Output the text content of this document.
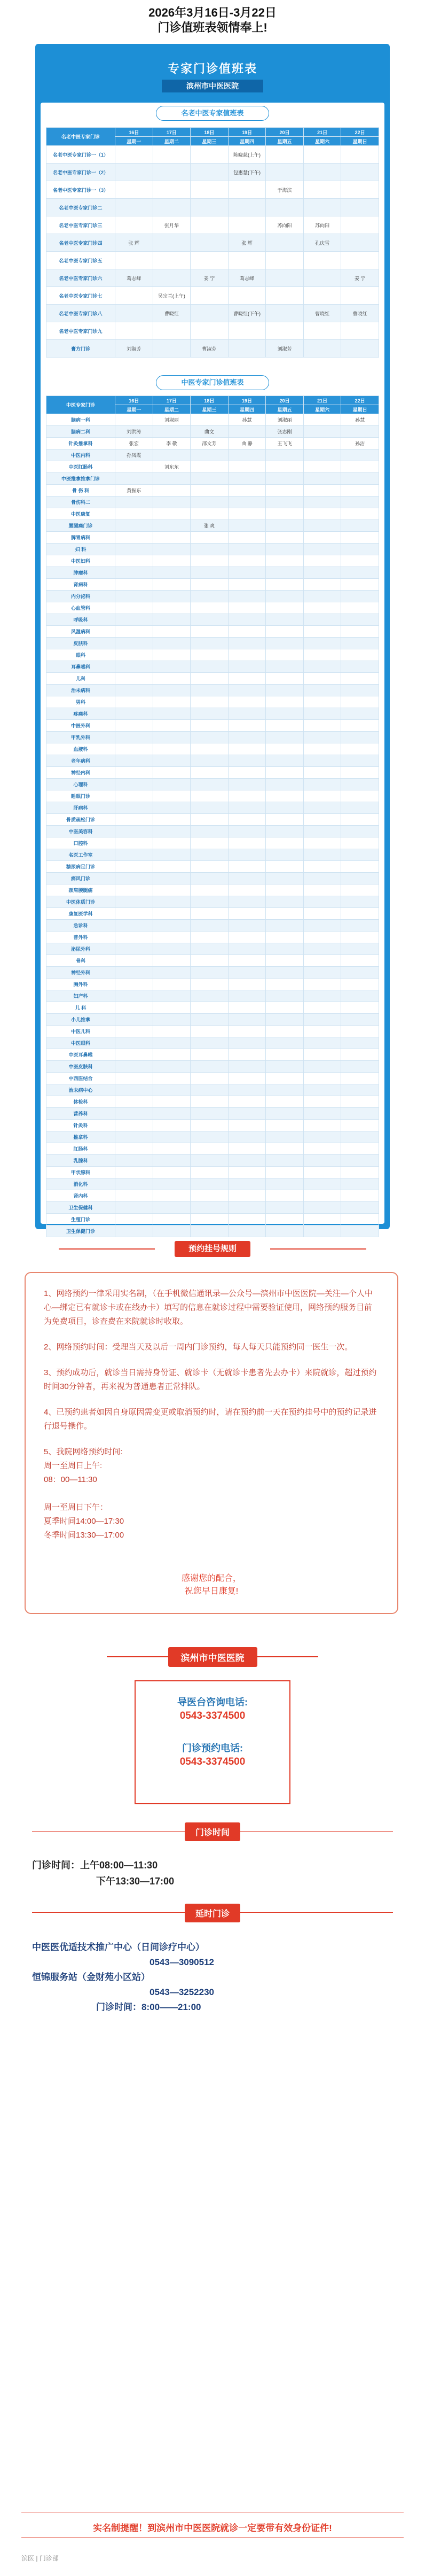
2026年3月16日-3月22日
门诊值班表领情奉上!
专家门诊值班表
滨州市中医医院
名老中医专家值班表
名老中医专家门诊	16日	17日	18日	19日	20日	21日	22日
	星期一	星期二	星期三	星期四	星期五	星期六	星期日
名老中医专家门诊一（1）				陈晓慈(上午)			
名老中医专家门诊一（2）				包惠慧(下午)			
名老中医专家门诊一（3）					于海滨		
名老中医专家门诊二							
名老中医专家门诊三		张月华			苏向阳	苏向阳	
名老中医专家门诊四	张 辉			张 辉		孔庆雪	
名老中医专家门诊五							
名老中医专家门诊六	葛志峰		姜 宁	葛志峰			姜 宁
名老中医专家门诊七		吴宗兰(上午)					
名老中医专家门诊八		曹晓红		曹晓红(下午)		曹晓红	曹晓红
名老中医专家门诊九							
膏方门诊	刘淑芳		曹淑芬		刘淑芳		
中医专家门诊值班表
中医专家门诊	16日	17日	18日	19日	20日	21日	22日
	星期一	星期二	星期三	星期四	星期五	星期六	星期日
脑病一科		刘淑丽		孙慧	刘淑丽		孙慧
脑病二科	刘洪涛		曲文		张志刚		
针灸推拿科	张宏	李 敬	邵文芳	曲 静	王飞飞		孙洁
中医内科	孙凤霞						
中医肛肠科		刘东东					
中医推拿推拿门诊							
骨 伤 科	黄振东						
骨伤科二							
中医康复							
腰腿痛门诊			张 爽				
脾胃病科							
妇 科							
中医妇科							
肿瘤科							
肾病科							
内分泌科							
心血管科							
呼吸科							
风湿病科							
皮肤科							
眼科							
耳鼻喉科							
儿科							
治未病科							
男科							
疼痛科							
中医外科							
甲乳外科							
血液科							
老年病科							
神经内科							
心理科							
睡眠门诊							
肝病科							
骨质疏松门诊							
中医美容科							
口腔科							
名医工作室							
糖尿病足门诊							
痛风门诊							
颈肩腰腿痛							
中医体质门诊							
康复医学科							
急诊科							
普外科							
泌尿外科							
骨科							
神经外科							
胸外科							
妇产科							
儿 科							
小儿推拿							
中医儿科							
中医眼科							
中医耳鼻喉							
中医皮肤科							
中西医结合							
治未病中心							
体检科							
营养科							
针灸科							
推拿科							
肛肠科							
乳腺科							
甲状腺科							
消化科							
肾内科							
卫生保健科							
生殖门诊							
卫生保健门诊							
预约挂号规则

1、网络预约一律采用实名制，（在手机微信通讯录—公众号—滨州市中医医院—关注—个人中心—绑定已有就诊卡或在线办卡）填写的信息在就诊过程中需要验证使用，网络预约服务目前为免费项目，诊查费在来院就诊时收取。

2、网络预约时间：受理当天及以后一周内门诊预约，每人每天只能预约同一医生一次。

3、预约成功后，就诊当日需持身份证、就诊卡（无就诊卡患者先去办卡）来院就诊，超过预约时间30分钟者，再来视为普通患者正常排队。

4、已预约患者如因自身原因需变更或取消预约时，请在预约前一天在预约挂号中的预约记录进行退号操作。

5、我院网络预约时间:

周一至周日上午:

08：00—11:30

周一至周日下午：

夏季时间14:00—17:30

冬季时间13:30—17:00

感谢您的配合，
祝您早日康复!
滨州市中医医院
导医台咨询电话:
0543-3374500
门诊预约电话:
0543-3374500
门诊时间
门诊时间：上午08:00—11:30
下午13:30—17:00
延时门诊
中医医优适技术推广中心（日间诊疗中心）
0543—3090512
恒锦服务站（金财苑小区站）
0543—3252230
门诊时间：8:00——21:00
实名制提醒！到滨州市中医医院就诊一定要带有效身份证件!
滨医 | 门诊部
